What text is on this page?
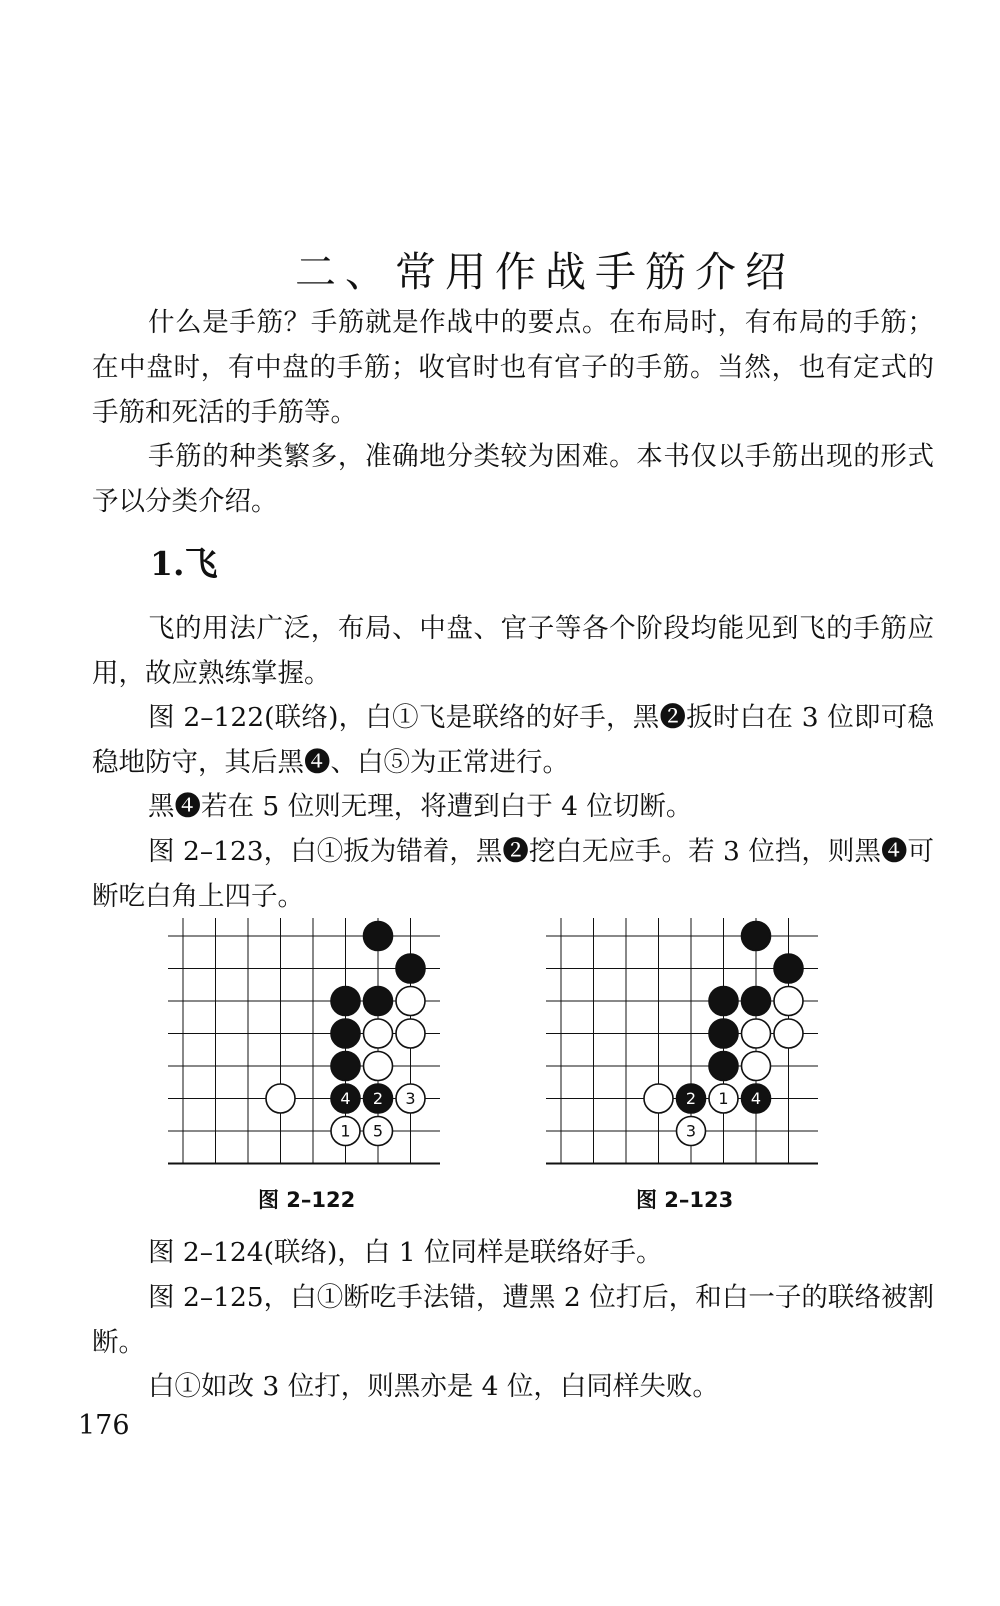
二、常用作战手筋介绍

什么是手筋？手筋就是作战中的要点。在布局时，有布局的手筋；在中盘时，有中盘的手筋；收官时也有官子的手筋。当然，也有定式的手筋和死活的手筋等。

手筋的种类繁多，准确地分类较为困难。本书仅以手筋出现的形式予以分类介绍。

1.飞

飞的用法广泛，布局、中盘、官子等各个阶段均能见到飞的手筋应用，故应熟练掌握。

图 2–122(联络)，白①飞是联络的好手，黑❷扳时白在 3 位即可稳稳地防守，其后黑❹、白⑤为正常进行。

黑❹若在 5 位则无理，将遭到白于 4 位切断。

图 2–123，白①扳为错着，黑❷挖白无应手。若 3 位挡，则黑❹可断吃白角上四子。

4 2 3
1 5
图 2–122
2 1 4
3
图 2–123

图 2–124(联络)，白 1 位同样是联络好手。

图 2–125，白①断吃手法错，遭黑 2 位打后，和白一子的联络被割断。

白①如改 3 位打，则黑亦是 4 位，白同样失败。

176
